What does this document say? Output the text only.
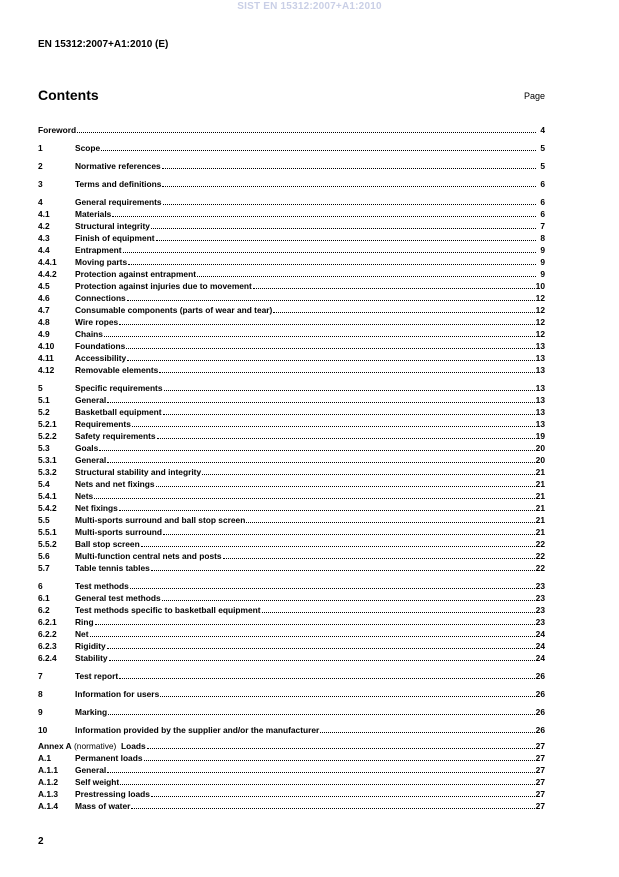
SIST EN 15312:2007+A1:2010
EN 15312:2007+A1:2010 (E)
Contents	Page
Foreword	4
1	Scope	5
2	Normative references	5
3	Terms and definitions	6
4	General requirements	6
4.1	Materials	6
4.2	Structural integrity	7
4.3	Finish of equipment	8
4.4	Entrapment	9
4.4.1	Moving parts	9
4.4.2	Protection against entrapment	9
4.5	Protection against injuries due to movement	10
4.6	Connections	12
4.7	Consumable components (parts of wear and tear)	12
4.8	Wire ropes	12
4.9	Chains	12
4.10	Foundations	13
4.11	Accessibility	13
4.12	Removable elements	13
5	Specific requirements	13
5.1	General	13
5.2	Basketball equipment	13
5.2.1	Requirements	13
5.2.2	Safety requirements	19
5.3	Goals	20
5.3.1	General	20
5.3.2	Structural stability and integrity	21
5.4	Nets and net fixings	21
5.4.1	Nets	21
5.4.2	Net fixings	21
5.5	Multi-sports surround and ball stop screen	21
5.5.1	Multi-sports surround	21
5.5.2	Ball stop screen	22
5.6	Multi-function central nets and posts	22
5.7	Table tennis tables	22
6	Test methods	23
6.1	General test methods	23
6.2	Test methods specific to basketball equipment	23
6.2.1	Ring	23
6.2.2	Net	24
6.2.3	Rigidity	24
6.2.4	Stability	24
7	Test report	26
8	Information for users	26
9	Marking	26
10	Information provided by the supplier and/or the manufacturer	26
Annex A (normative)  Loads	27
A.1	Permanent loads	27
A.1.1	General	27
A.1.2	Self weight	27
A.1.3	Prestressing loads	27
A.1.4	Mass of water	27
2
